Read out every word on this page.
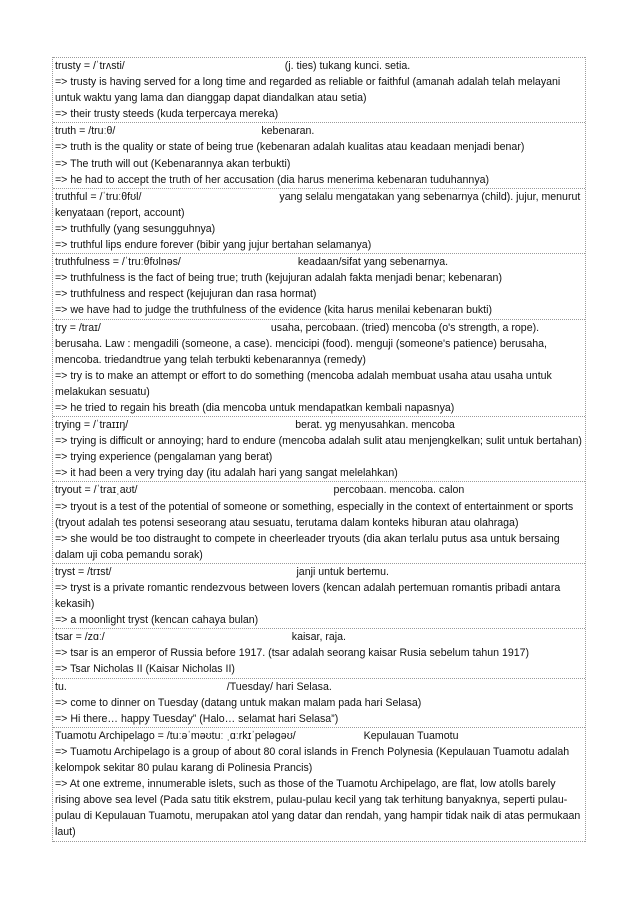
trusty = /ˈtrʌsti/	(j. ties) tukang kunci. setia.
=> trusty is having served for a long time and regarded as reliable or faithful (amanah adalah telah melayani untuk waktu yang lama dan dianggap dapat diandalkan atau setia)
=> their trusty steeds (kuda terpercaya mereka)
truth = /truːθ/	kebenaran.
=> truth is the quality or state of being true (kebenaran adalah kualitas atau keadaan menjadi benar)
=> The truth will out (Kebenarannya akan terbukti)
=> he had to accept the truth of her accusation (dia harus menerima kebenaran tuduhannya)
truthful = /ˈtruːθfʊl/	yang selalu mengatakan yang sebenarnya (child). jujur, menurut kenyataan (report, account)
=> truthfully (yang sesungguhnya)
=> truthful lips endure forever (bibir yang jujur bertahan selamanya)
truthfulness = /ˈtruːθfʊlnəs/	keadaan/sifat yang sebenarnya.
=> truthfulness is the fact of being true; truth (kejujuran adalah fakta menjadi benar; kebenaran)
=> truthfulness and respect (kejujuran dan rasa hormat)
=> we have had to judge the truthfulness of the evidence (kita harus menilai kebenaran bukti)
try = /traɪ/	usaha, percobaan. (tried) mencoba (o's strength, a rope). berusaha. Law : mengadili (someone, a case). mencicipi (food). menguji (someone's patience) berusaha, mencoba. triedandtrue yang telah terbukti kebenarannya (remedy)
=> try is to make an attempt or effort to do something (mencoba adalah membuat usaha atau usaha untuk melakukan sesuatu)
=> he tried to regain his breath (dia mencoba untuk mendapatkan kembali napasnya)
trying = /ˈtraɪɪŋ/	berat. yg menyusahkan. mencoba
=> trying is difficult or annoying; hard to endure (mencoba adalah sulit atau menjengkelkan; sulit untuk bertahan)
=> trying experience (pengalaman yang berat)
=> it had been a very trying day (itu adalah hari yang sangat melelahkan)
tryout = /ˈtraɪˌaʊt/	percobaan. mencoba. calon
=> tryout is a test of the potential of someone or something, especially in the context of entertainment or sports (tryout adalah tes potensi seseorang atau sesuatu, terutama dalam konteks hiburan atau olahraga)
=> she would be too distraught to compete in cheerleader tryouts (dia akan terlalu putus asa untuk bersaing dalam uji coba pemandu sorak)
tryst = /trɪst/	janji untuk bertemu.
=> tryst is a private romantic rendezvous between lovers (kencan adalah pertemuan romantis pribadi antara kekasih)
=> a moonlight tryst (kencan cahaya bulan)
tsar = /zɑː/	kaisar, raja.
=> tsar is an emperor of Russia before 1917. (tsar adalah seorang kaisar Rusia sebelum tahun 1917)
=> Tsar Nicholas II (Kaisar Nicholas II)
tu.	/Tuesday/ hari Selasa.
=> come to dinner on Tuesday (datang untuk makan malam pada hari Selasa)
=> Hi there… happy Tuesday” (Halo… selamat hari Selasa”)
Tuamotu Archipelago = /tuːəˈməʊtuː ˌɑːrkɪˈpeləɡəʊ/	Kepulauan Tuamotu
=> Tuamotu Archipelago is a group of about 80 coral islands in French Polynesia (Kepulauan Tuamotu adalah kelompok sekitar 80 pulau karang di Polinesia Prancis)
=> At one extreme, innumerable islets, such as those of the Tuamotu Archipelago, are flat, low atolls barely rising above sea level (Pada satu titik ekstrem, pulau-pulau kecil yang tak terhitung banyaknya, seperti pulau-pulau di Kepulauan Tuamotu, merupakan atol yang datar dan rendah, yang hampir tidak naik di atas permukaan laut)
